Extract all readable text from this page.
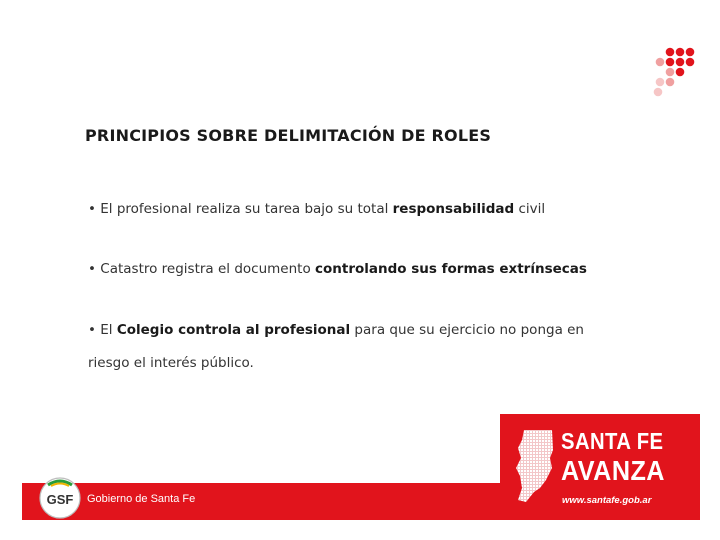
PRINCIPIOS SOBRE DELIMITACIÓN DE ROLES
• El profesional realiza su tarea bajo su total responsabilidad civil
• Catastro registra el documento controlando sus formas extrínsecas
• El Colegio controla al profesional para que su ejercicio no ponga en
riesgo el interés público.
GSF Gobierno de Santa Fe
SANTA FE
AVANZA
www.santafe.gob.ar
